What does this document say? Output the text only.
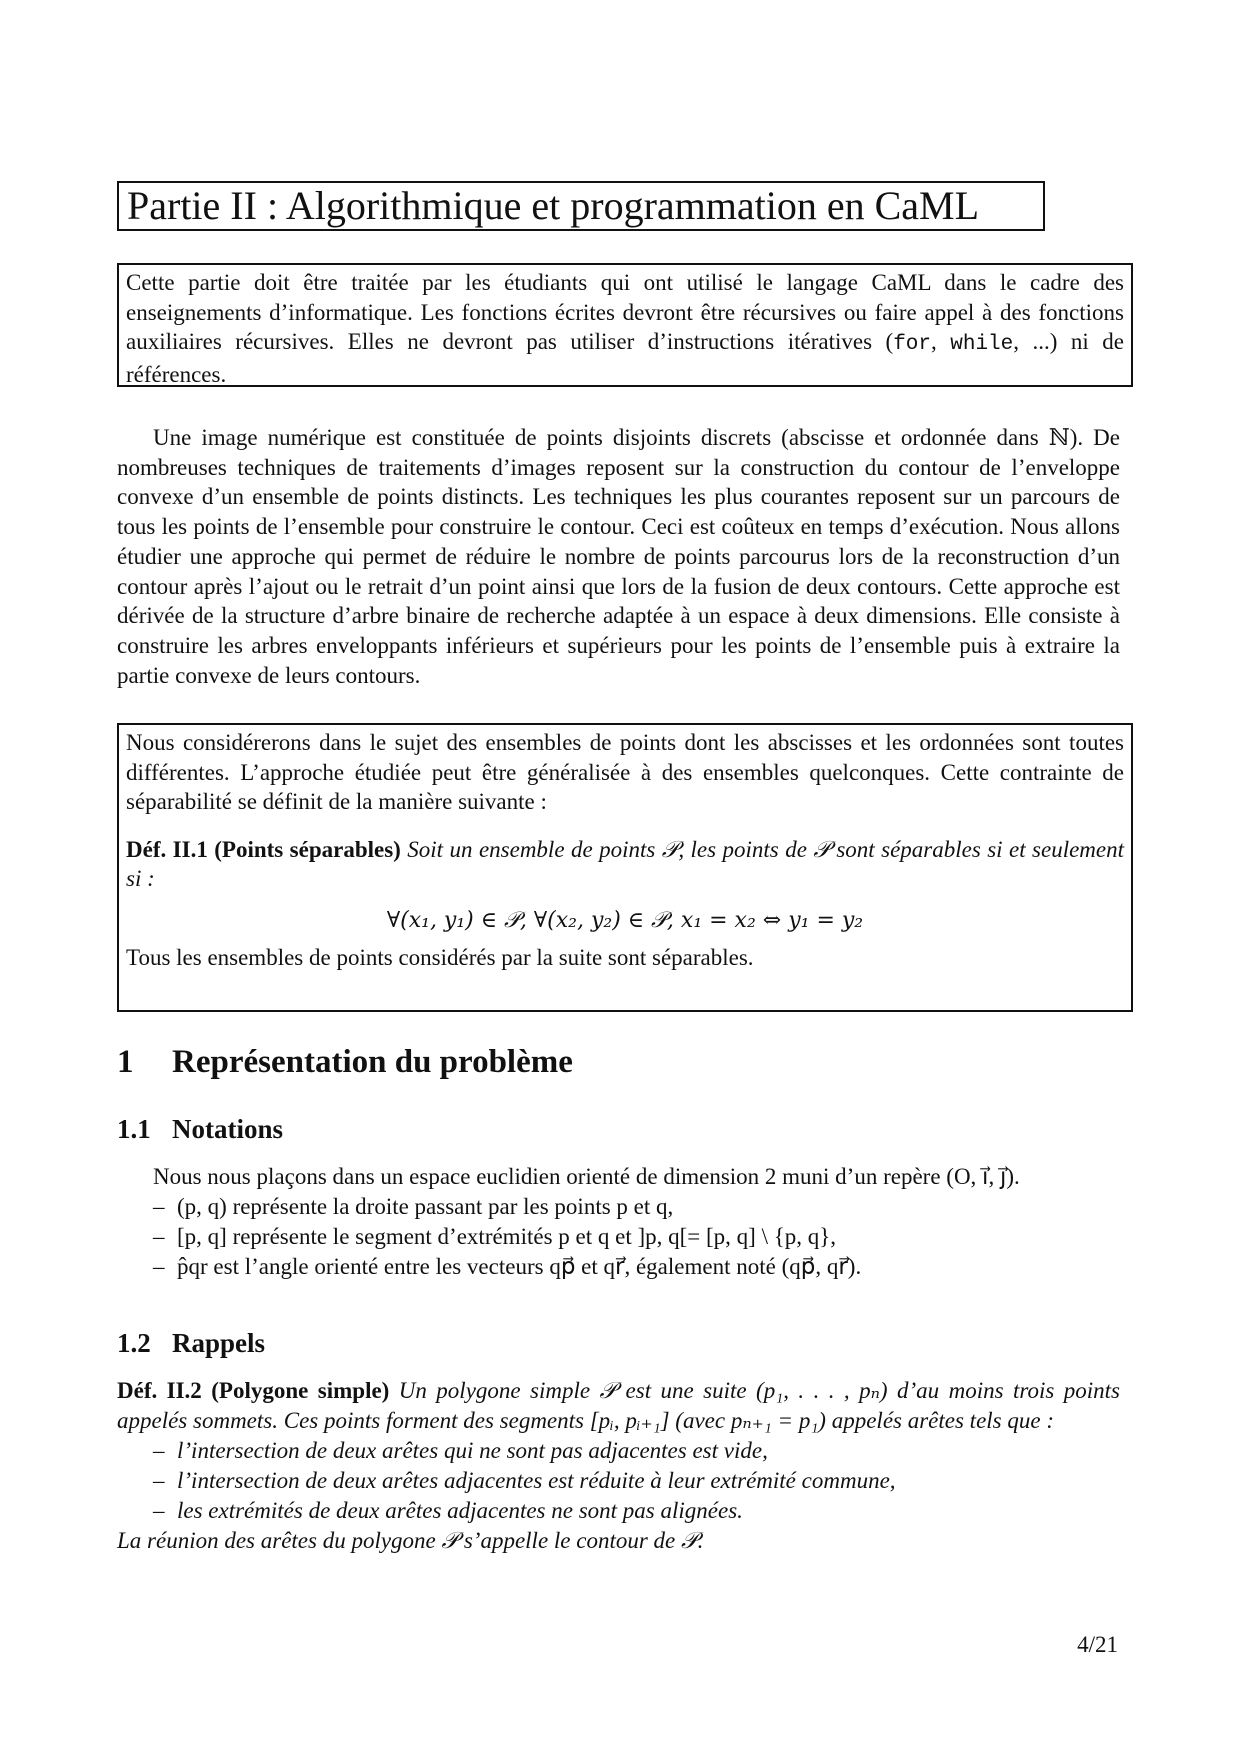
Partie II : Algorithmique et programmation en CaML
Cette partie doit être traitée par les étudiants qui ont utilisé le langage CaML dans le cadre des enseignements d’informatique. Les fonctions écrites devront être récursives ou faire appel à des fonctions auxiliaires récursives. Elles ne devront pas utiliser d’instructions itératives (for, while, ...) ni de références.

Une image numérique est constituée de points disjoints discrets (abscisse et ordonnée dans ℕ). De nombreuses techniques de traitements d’images reposent sur la construction du contour de l’enveloppe convexe d’un ensemble de points distincts. Les techniques les plus courantes reposent sur un parcours de tous les points de l’ensemble pour construire le contour. Ceci est coûteux en temps d’exécution. Nous allons étudier une approche qui permet de réduire le nombre de points parcourus lors de la reconstruction d’un contour après l’ajout ou le retrait d’un point ainsi que lors de la fusion de deux contours. Cette approche est dérivée de la structure d’arbre binaire de recherche adaptée à un espace à deux dimensions. Elle consiste à construire les arbres enveloppants inférieurs et supérieurs pour les points de l’ensemble puis à extraire la partie convexe de leurs contours.

Nous considérerons dans le sujet des ensembles de points dont les abscisses et les ordonnées sont toutes différentes. L’approche étudiée peut être généralisée à des ensembles quelconques. Cette contrainte de séparabilité se définit de la manière suivante :
Déf. II.1 (Points séparables) Soit un ensemble de points 𝒫, les points de 𝒫 sont séparables si et seulement si :
∀(x₁, y₁) ∈ 𝒫, ∀(x₂, y₂) ∈ 𝒫, x₁ = x₂ ⇔ y₁ = y₂
Tous les ensembles de points considérés par la suite sont séparables.
1 Représentation du problème
1.1 Notations

Nous nous plaçons dans un espace euclidien orienté de dimension 2 muni d’un repère (O, i⃗, j⃗).

– (p, q) représente la droite passant par les points p et q,
– [p, q] représente le segment d’extrémités p et q et ]p, q[= [p, q] \ {p, q},
– p̂qr est l’angle orienté entre les vecteurs qp⃗ et qr⃗, également noté (qp⃗, qr⃗).
1.2 Rappels

Déf. II.2 (Polygone simple) Un polygone simple 𝒫 est une suite (p₁, . . . , pₙ) d’au moins trois points appelés sommets. Ces points forment des segments [pᵢ, pᵢ₊₁] (avec pₙ₊₁ = p₁) appelés arêtes tels que :

– l’intersection de deux arêtes qui ne sont pas adjacentes est vide,
– l’intersection de deux arêtes adjacentes est réduite à leur extrémité commune,
– les extrémités de deux arêtes adjacentes ne sont pas alignées.

La réunion des arêtes du polygone 𝒫 s’appelle le contour de 𝒫.

4/21
